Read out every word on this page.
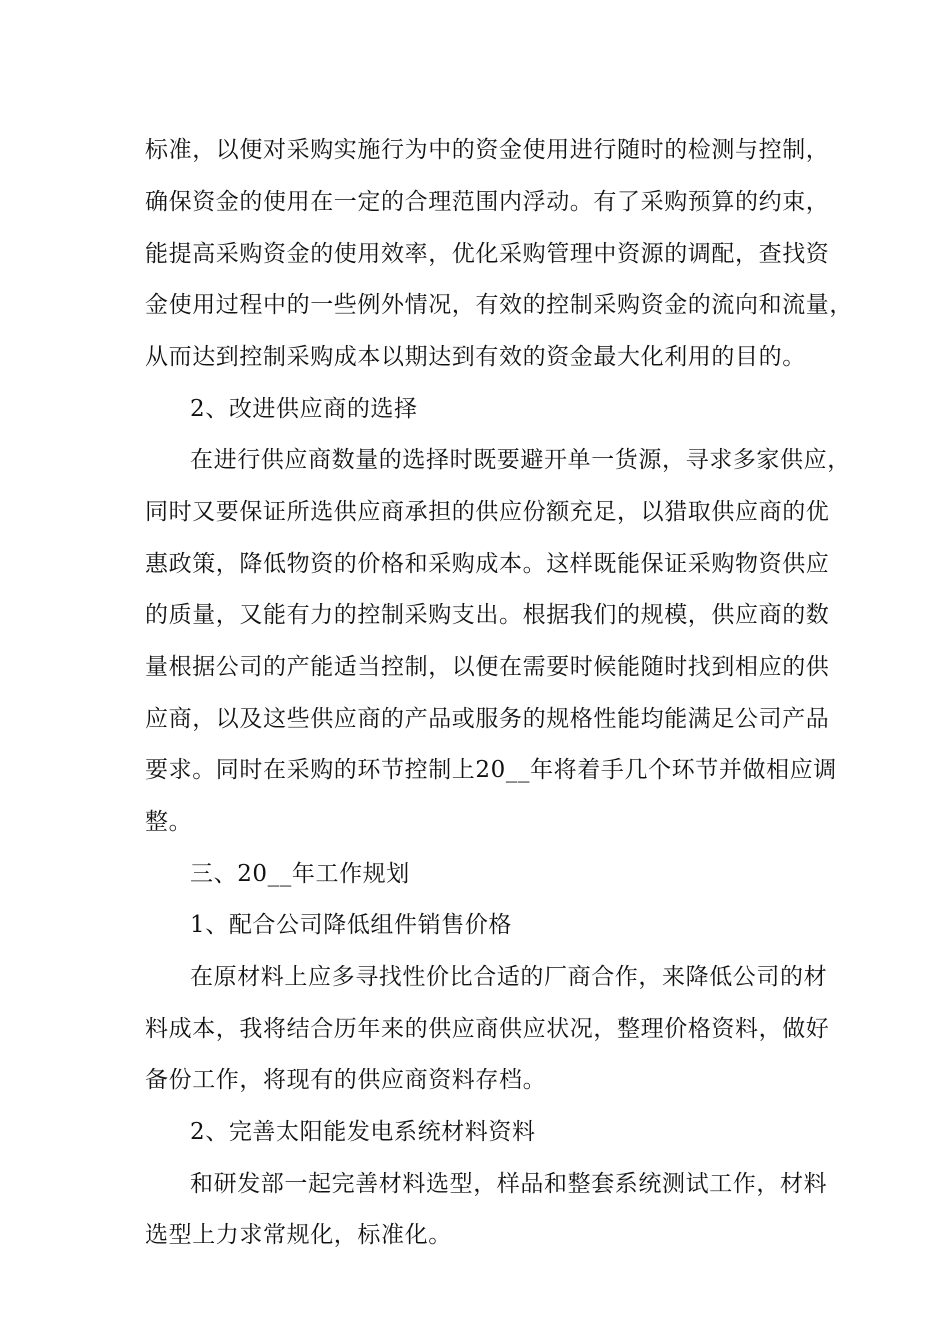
标准，以便对采购实施行为中的资金使用进行随时的检测与控制，
确保资金的使用在一定的合理范围内浮动。有了采购预算的约束，
能提高采购资金的使用效率，优化采购管理中资源的调配，查找资
金使用过程中的一些例外情况，有效的控制采购资金的流向和流量，
从而达到控制采购成本以期达到有效的资金最大化利用的目的。
2、改进供应商的选择
在进行供应商数量的选择时既要避开单一货源，寻求多家供应，
同时又要保证所选供应商承担的供应份额充足，以猎取供应商的优
惠政策，降低物资的价格和采购成本。这样既能保证采购物资供应
的质量，又能有力的控制采购支出。根据我们的规模，供应商的数
量根据公司的产能适当控制，以便在需要时候能随时找到相应的供
应商，以及这些供应商的产品或服务的规格性能均能满足公司产品
要求。同时在采购的环节控制上20__年将着手几个环节并做相应调
整。
三、20__年工作规划
1、配合公司降低组件销售价格
在原材料上应多寻找性价比合适的厂商合作，来降低公司的材
料成本，我将结合历年来的供应商供应状况，整理价格资料，做好
备份工作，将现有的供应商资料存档。
2、完善太阳能发电系统材料资料
和研发部一起完善材料选型，样品和整套系统测试工作，材料
选型上力求常规化，标准化。
